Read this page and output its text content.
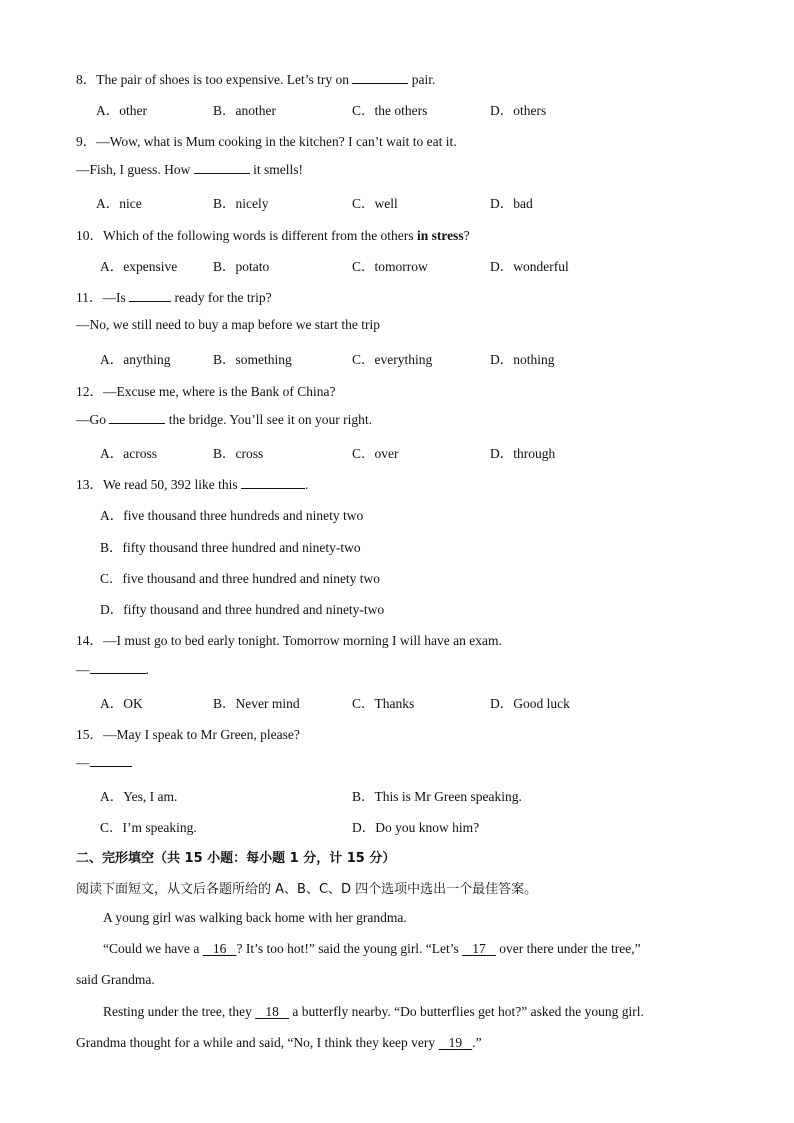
8．The pair of shoes is too expensive. Let’s try on	pair.
A．other	B．another	C．the others	D．others
9．—Wow, what is Mum cooking in the kitchen? I can’t wait to eat it.
—Fish, I guess. How	it smells!
A．nice	B．nicely	C．well	D．bad
10．Which of the following words is different from the others in stress?
A．expensive	B．potato	C．tomorrow	D．wonderful
11．—Is	ready for the trip?
—No, we still need to buy a map before we start the trip
A．anything	B．something	C．everything	D．nothing
12．—Excuse me, where is the Bank of China?
—Go	the bridge. You’ll see it on your right.
A．across	B．cross	C．over	D．through
13．We read 50, 392 like this	.
A．five thousand three hundreds and ninety two
B．fifty thousand three hundred and ninety-two
C．five thousand and three hundred and ninety two
D．fifty thousand and three hundred and ninety-two
14．—I must go to bed early tonight. Tomorrow morning I will have an exam.
—	.
A．OK	B．Never mind	C．Thanks	D．Good luck
15．—May I speak to Mr Green, please?
—
A．Yes, I am.	B．This is Mr Green speaking.
C．I’m speaking.	D．Do you know him?
二、完形填空（共 15 小题：每小题 1 分，计 15 分）
阅读下面短文，从文后各题所给的 A、B、C、D 四个选项中选出一个最佳答案。
A young girl was walking back home with her grandma.
“Could we have a    16 ? It’s too hot!” said the young girl. “Let’s    17    over there under the tree,”
said Grandma.
Resting under the tree, they    18    a butterfly nearby. “Do butterflies get hot?” asked the young girl.
Grandma thought for a while and said, “No, I think they keep very    19 .”
